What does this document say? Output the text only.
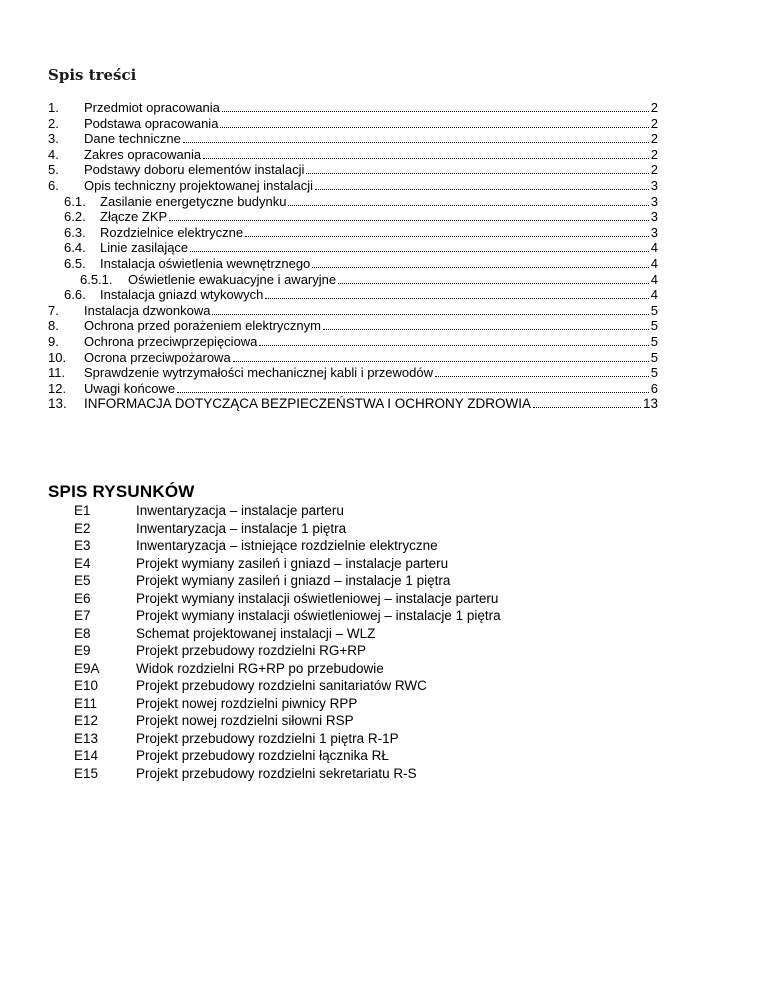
Spis treści
1.	Przedmiot opracowania	2
2.	Podstawa opracowania	2
3.	Dane techniczne	2
4.	Zakres opracowania	2
5.	Podstawy doboru elementów instalacji	2
6.	Opis techniczny projektowanej instalacji	3
6.1.	Zasilanie energetyczne budynku	3
6.2.	Złącze ZKP	3
6.3.	Rozdzielnice elektryczne	3
6.4.	Linie zasilające	4
6.5.	Instalacja oświetlenia wewnętrznego	4
6.5.1.	Oświetlenie ewakuacyjne i awaryjne	4
6.6.	Instalacja gniazd wtykowych	4
7.	Instalacja dzwonkowa	5
8.	Ochrona przed porażeniem elektrycznym	5
9.	Ochrona przeciwprzepięciowa	5
10.	Ocrona przeciwpożarowa	5
11.	Sprawdzenie wytrzymałości mechanicznej kabli i przewodów	5
12.	Uwagi końcowe	6
13.	INFORMACJA DOTYCZĄCA BEZPIECZEŃSTWA I OCHRONY ZDROWIA	13
SPIS RYSUNKÓW
E1	Inwentaryzacja – instalacje parteru
E2	Inwentaryzacja – instalacje 1 piętra
E3	Inwentaryzacja – istniejące rozdzielnie elektryczne
E4	Projekt wymiany zasileń i gniazd – instalacje parteru
E5	Projekt wymiany zasileń i gniazd – instalacje 1 piętra
E6	Projekt wymiany instalacji oświetleniowej – instalacje parteru
E7	Projekt wymiany instalacji oświetleniowej – instalacje 1 piętra
E8	Schemat projektowanej instalacji – WLZ
E9	Projekt przebudowy rozdzielni RG+RP
E9A	Widok rozdzielni RG+RP po przebudowie
E10	Projekt przebudowy rozdzielni sanitariatów RWC
E11	Projekt nowej rozdzielni piwnicy RPP
E12	Projekt nowej rozdzielni siłowni RSP
E13	Projekt przebudowy rozdzielni 1 piętra R-1P
E14	Projekt przebudowy rozdzielni łącznika RŁ
E15	Projekt przebudowy rozdzielni sekretariatu R-S
